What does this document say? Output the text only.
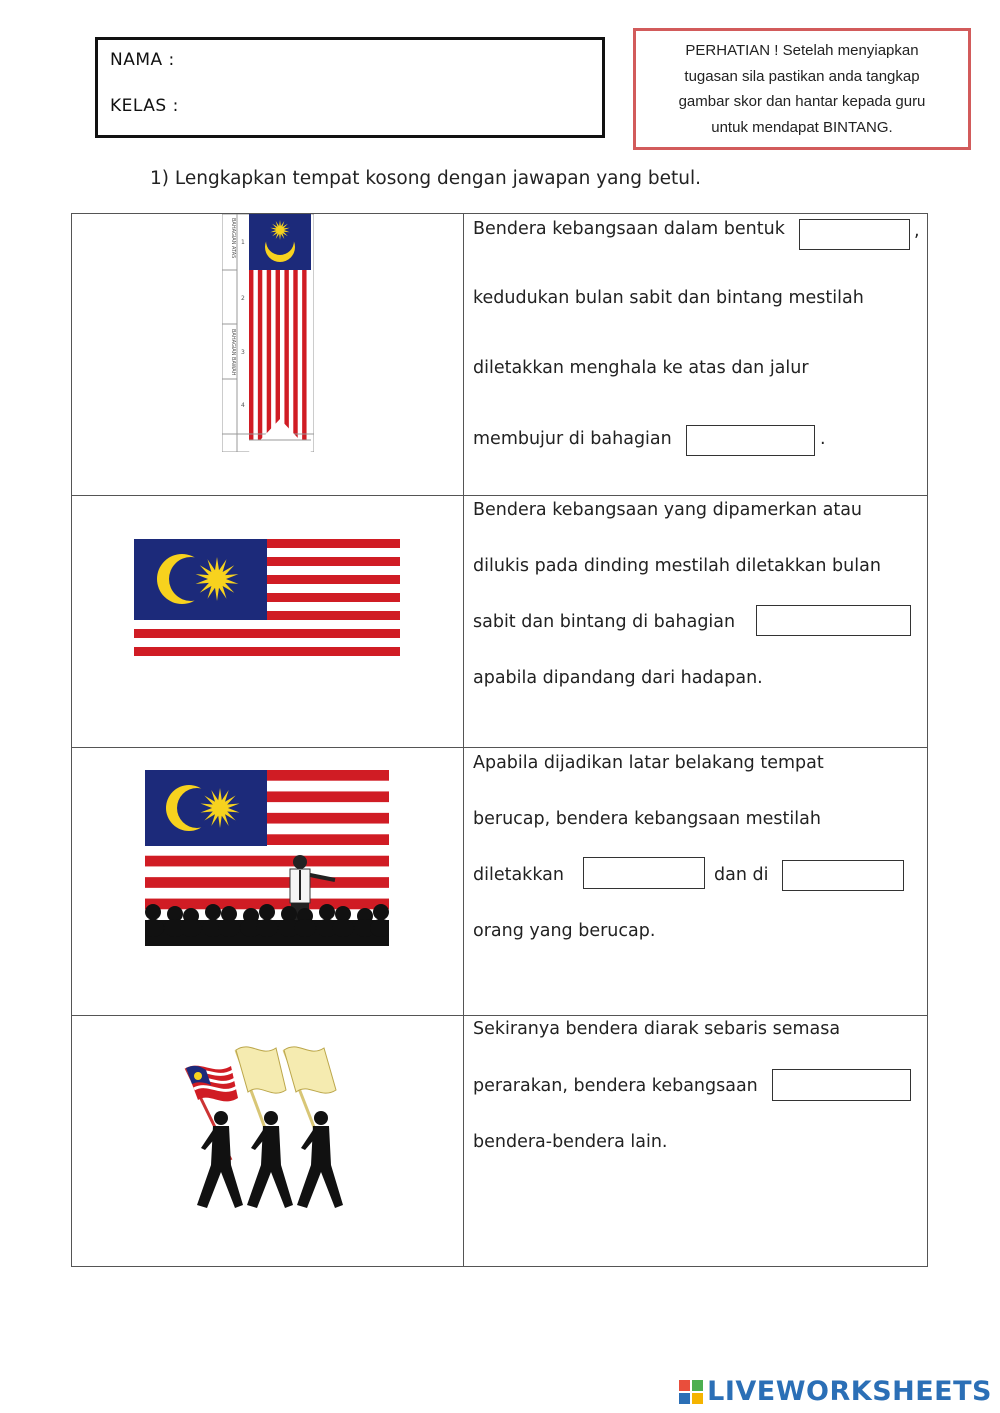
NAMA :
KELAS :
PERHATIAN ! Setelah menyiapkan
tugasan sila pastikan anda tangkap
gambar skor dan hantar kepada guru
untuk mendapat BINTANG.
1) Lengkapkan tempat kosong dengan jawapan yang betul.
BAHAGIAN ATAS
BAHAGIAN BAWAH
1
2
3
4
Bendera kebangsaan dalam bentuk	,
kedudukan bulan sabit dan bintang mestilah
diletakkan menghala ke atas dan jalur
membujur di bahagian	.
Bendera kebangsaan yang dipamerkan atau
dilukis pada dinding mestilah diletakkan bulan
sabit dan bintang di bahagian
apabila dipandang dari hadapan.
Apabila dijadikan latar belakang tempat
berucap, bendera kebangsaan mestilah
diletakkan	dan di
orang yang berucap.
Sekiranya bendera diarak sebaris semasa
perarakan, bendera kebangsaan
bendera-bendera lain.
LIVEWORKSHEETS
